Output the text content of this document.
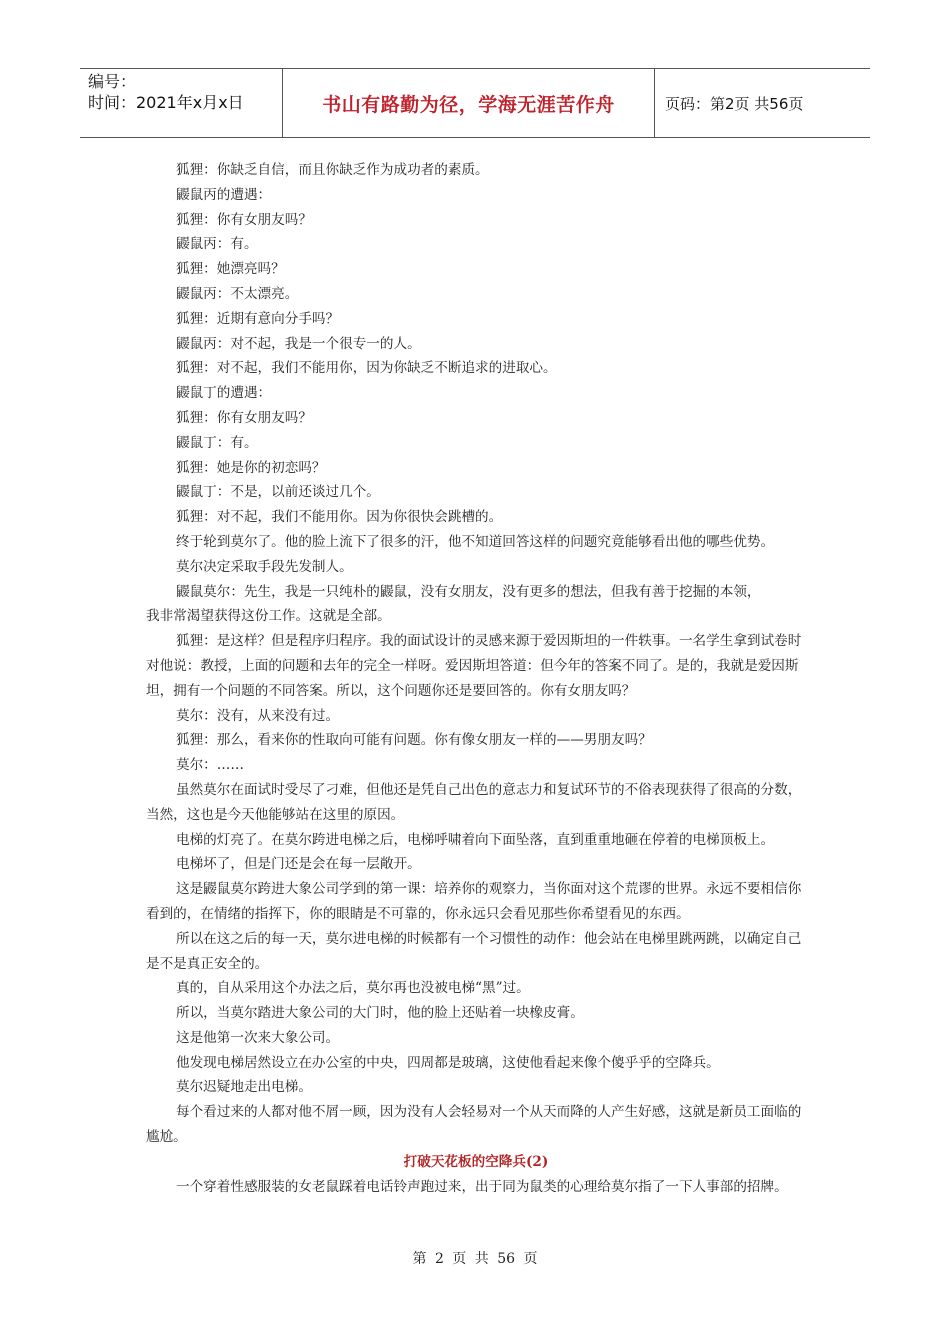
编号：
时间：2021年x月x日	书山有路勤为径，学海无涯苦作舟	页码：第2页 共56页

狐狸：你缺乏自信，而且你缺乏作为成功者的素质。

鼹鼠丙的遭遇：

狐狸：你有女朋友吗？

鼹鼠丙：有。

狐狸：她漂亮吗？

鼹鼠丙：不太漂亮。

狐狸：近期有意向分手吗？

鼹鼠丙：对不起，我是一个很专一的人。

狐狸：对不起，我们不能用你，因为你缺乏不断追求的进取心。

鼹鼠丁的遭遇：

狐狸：你有女朋友吗？

鼹鼠丁：有。

狐狸：她是你的初恋吗？

鼹鼠丁：不是，以前还谈过几个。

狐狸：对不起，我们不能用你。因为你很快会跳槽的。

终于轮到莫尔了。他的脸上流下了很多的汗，他不知道回答这样的问题究竟能够看出他的哪些优势。

莫尔决定采取手段先发制人。

鼹鼠莫尔：先生，我是一只纯朴的鼹鼠，没有女朋友，没有更多的想法，但我有善于挖掘的本领，

我非常渴望获得这份工作。这就是全部。

狐狸：是这样？但是程序归程序。我的面试设计的灵感来源于爱因斯坦的一件轶事。一名学生拿到试卷时对他说：教授，上面的问题和去年的完全一样呀。爱因斯坦答道：但今年的答案不同了。是的，我就是爱因斯坦，拥有一个问题的不同答案。所以，这个问题你还是要回答的。你有女朋友吗？

莫尔：没有，从来没有过。

狐狸：那么，看来你的性取向可能有问题。你有像女朋友一样的——男朋友吗？

莫尔：……

虽然莫尔在面试时受尽了刁难，但他还是凭自己出色的意志力和复试环节的不俗表现获得了很高的分数，当然，这也是今天他能够站在这里的原因。

电梯的灯亮了。在莫尔跨进电梯之后，电梯呼啸着向下面坠落，直到重重地砸在停着的电梯顶板上。

电梯坏了，但是门还是会在每一层敞开。

这是鼹鼠莫尔跨进大象公司学到的第一课：培养你的观察力，当你面对这个荒谬的世界。永远不要相信你看到的，在情绪的指挥下，你的眼睛是不可靠的，你永远只会看见那些你希望看见的东西。

所以在这之后的每一天，莫尔进电梯的时候都有一个习惯性的动作：他会站在电梯里跳两跳，以确定自己是不是真正安全的。

真的，自从采用这个办法之后，莫尔再也没被电梯“黑”过。

所以，当莫尔踏进大象公司的大门时，他的脸上还贴着一块橡皮膏。

这是他第一次来大象公司。

他发现电梯居然设立在办公室的中央，四周都是玻璃，这使他看起来像个傻乎乎的空降兵。

莫尔迟疑地走出电梯。

每个看过来的人都对他不屑一顾，因为没有人会轻易对一个从天而降的人产生好感，这就是新员工面临的尴尬。

打破天花板的空降兵(2)

一个穿着性感服装的女老鼠踩着电话铃声跑过来，出于同为鼠类的心理给莫尔指了一下人事部的招牌。

第 2 页 共 56 页
